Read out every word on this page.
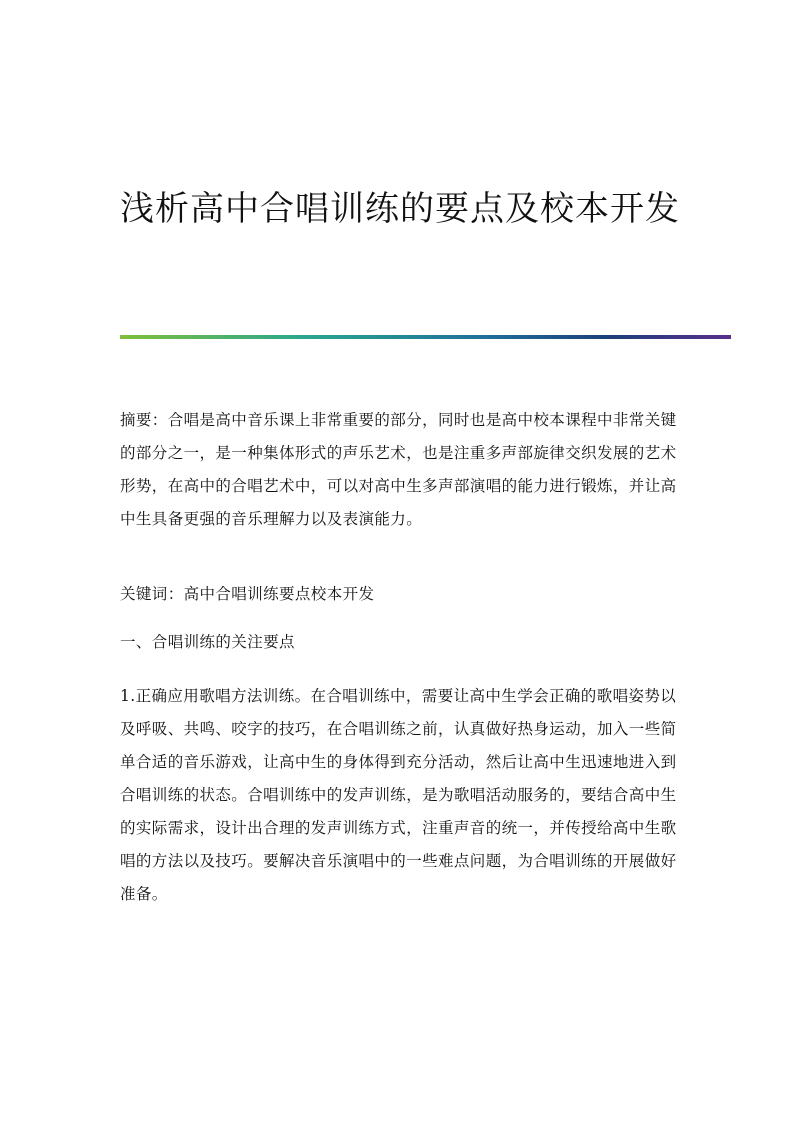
浅析高中合唱训练的要点及校本开发

摘要：合唱是高中音乐课上非常重要的部分，同时也是高中校本课程中非常关键的部分之一，是一种集体形式的声乐艺术，也是注重多声部旋律交织发展的艺术形势，在高中的合唱艺术中，可以对高中生多声部演唱的能力进行锻炼，并让高中生具备更强的音乐理解力以及表演能力。

关键词：高中合唱训练要点校本开发

一、合唱训练的关注要点

1.正确应用歌唱方法训练。在合唱训练中，需要让高中生学会正确的歌唱姿势以及呼吸、共鸣、咬字的技巧，在合唱训练之前，认真做好热身运动，加入一些简单合适的音乐游戏，让高中生的身体得到充分活动，然后让高中生迅速地进入到合唱训练的状态。合唱训练中的发声训练，是为歌唱活动服务的，要结合高中生的实际需求，设计出合理的发声训练方式，注重声音的统一，并传授给高中生歌唱的方法以及技巧。要解决音乐演唱中的一些难点问题，为合唱训练的开展做好准备。
